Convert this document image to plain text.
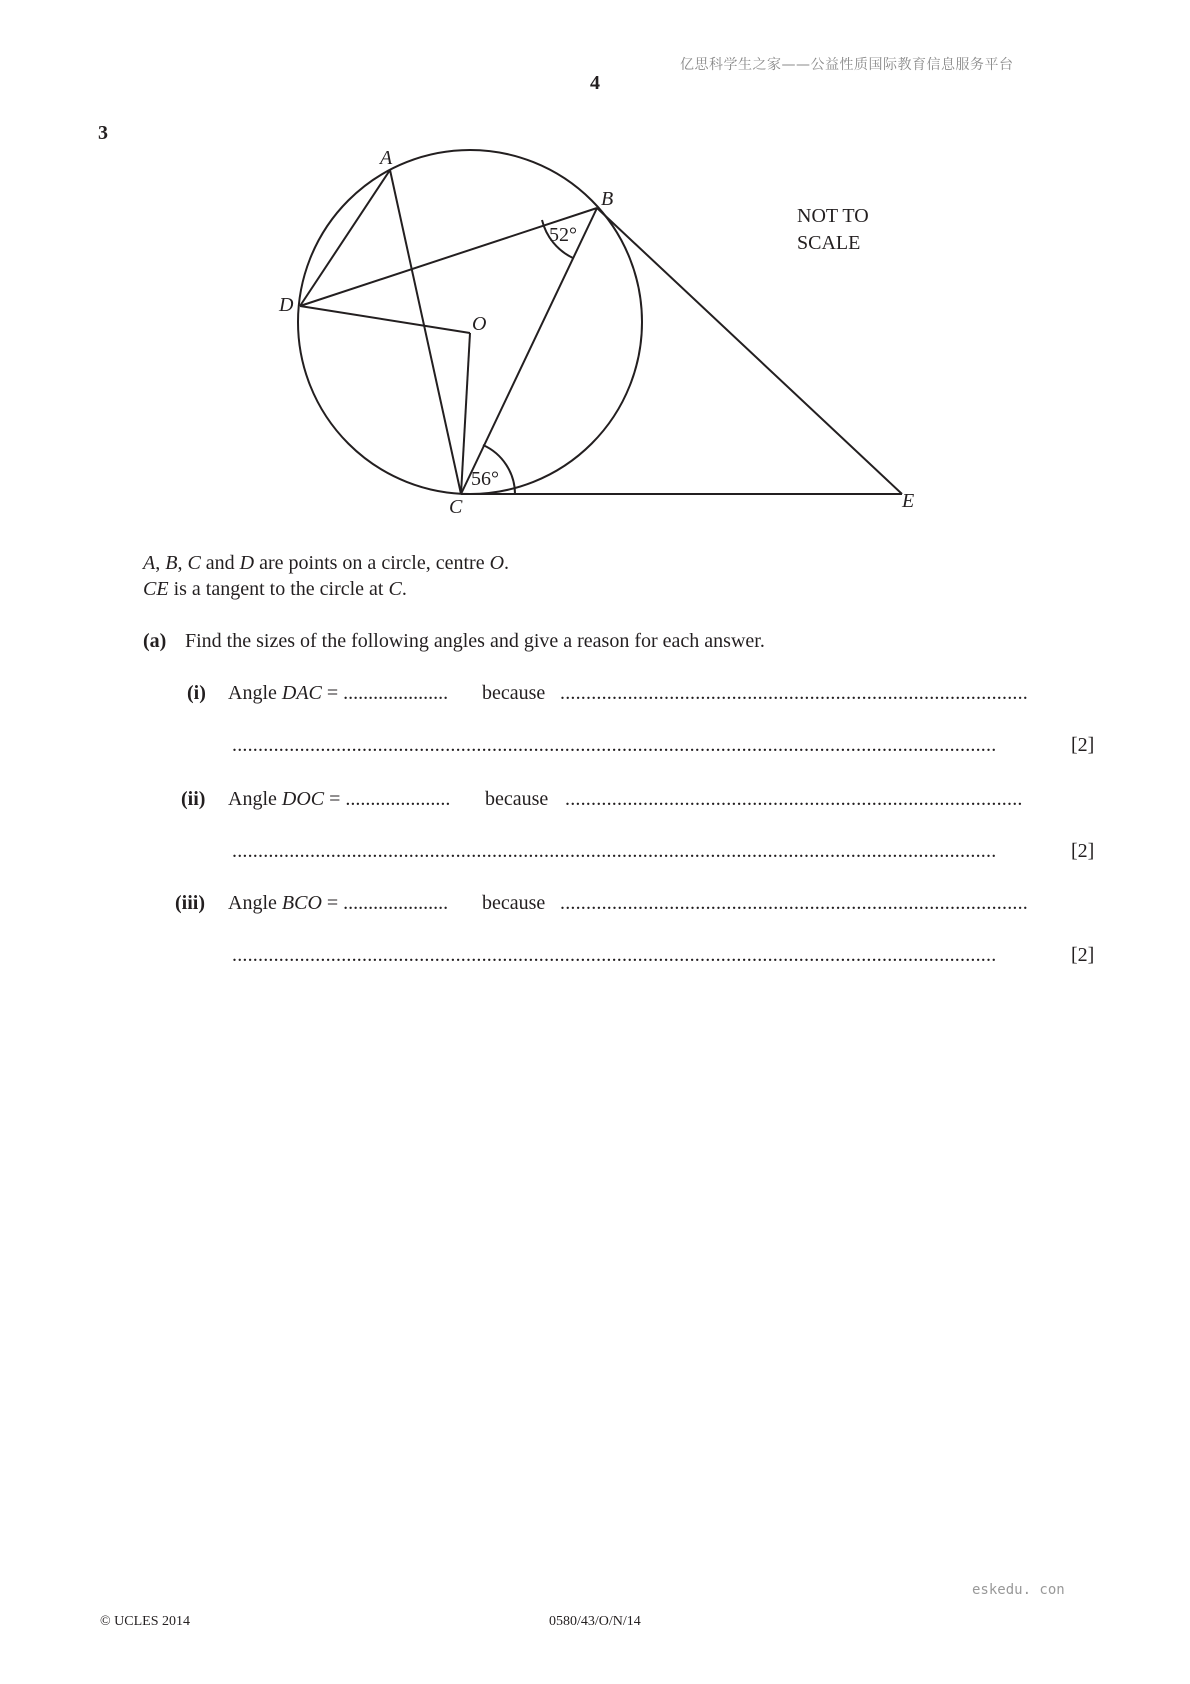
亿思科学生之家——公益性质国际教育信息服务平台
4
3
A
B
C
D
O
E
52°
56°
NOT TO
SCALE
A, B, C and D are points on a circle, centre O.
CE is a tangent to the circle at C.
(a) Find the sizes of the following angles and give a reason for each answer.
(i) Angle DAC = ..................... because ..........................................................................................
...................................................................................................................................................	[2]
(ii) Angle DOC = ..................... because ........................................................................................
...................................................................................................................................................	[2]
(iii) Angle BCO = ..................... because ..........................................................................................
...................................................................................................................................................	[2]
eskedu. con
© UCLES 2014	0580/43/O/N/14
